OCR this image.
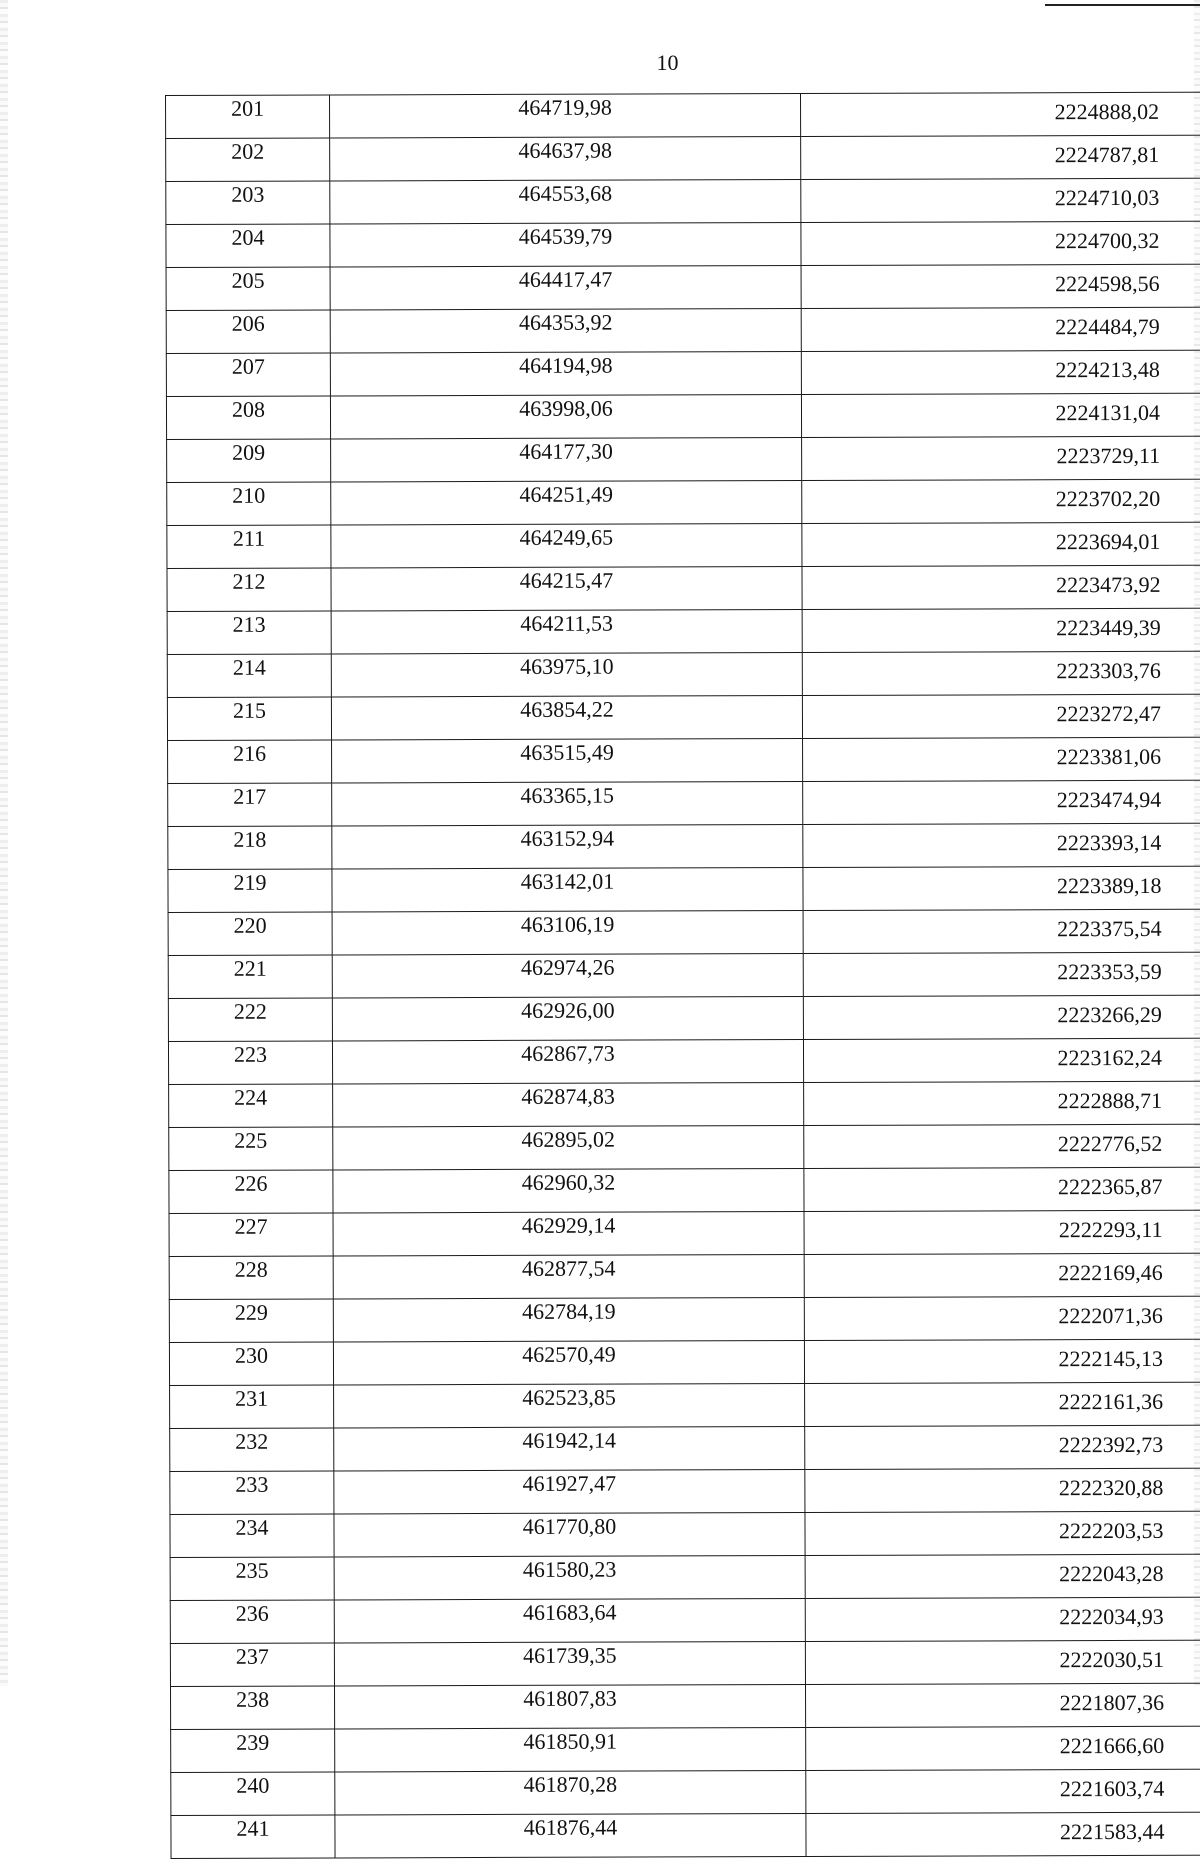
10
201	464719,98	2224888,02
202	464637,98	2224787,81
203	464553,68	2224710,03
204	464539,79	2224700,32
205	464417,47	2224598,56
206	464353,92	2224484,79
207	464194,98	2224213,48
208	463998,06	2224131,04
209	464177,30	2223729,11
210	464251,49	2223702,20
211	464249,65	2223694,01
212	464215,47	2223473,92
213	464211,53	2223449,39
214	463975,10	2223303,76
215	463854,22	2223272,47
216	463515,49	2223381,06
217	463365,15	2223474,94
218	463152,94	2223393,14
219	463142,01	2223389,18
220	463106,19	2223375,54
221	462974,26	2223353,59
222	462926,00	2223266,29
223	462867,73	2223162,24
224	462874,83	2222888,71
225	462895,02	2222776,52
226	462960,32	2222365,87
227	462929,14	2222293,11
228	462877,54	2222169,46
229	462784,19	2222071,36
230	462570,49	2222145,13
231	462523,85	2222161,36
232	461942,14	2222392,73
233	461927,47	2222320,88
234	461770,80	2222203,53
235	461580,23	2222043,28
236	461683,64	2222034,93
237	461739,35	2222030,51
238	461807,83	2221807,36
239	461850,91	2221666,60
240	461870,28	2221603,74
241	461876,44	2221583,44
